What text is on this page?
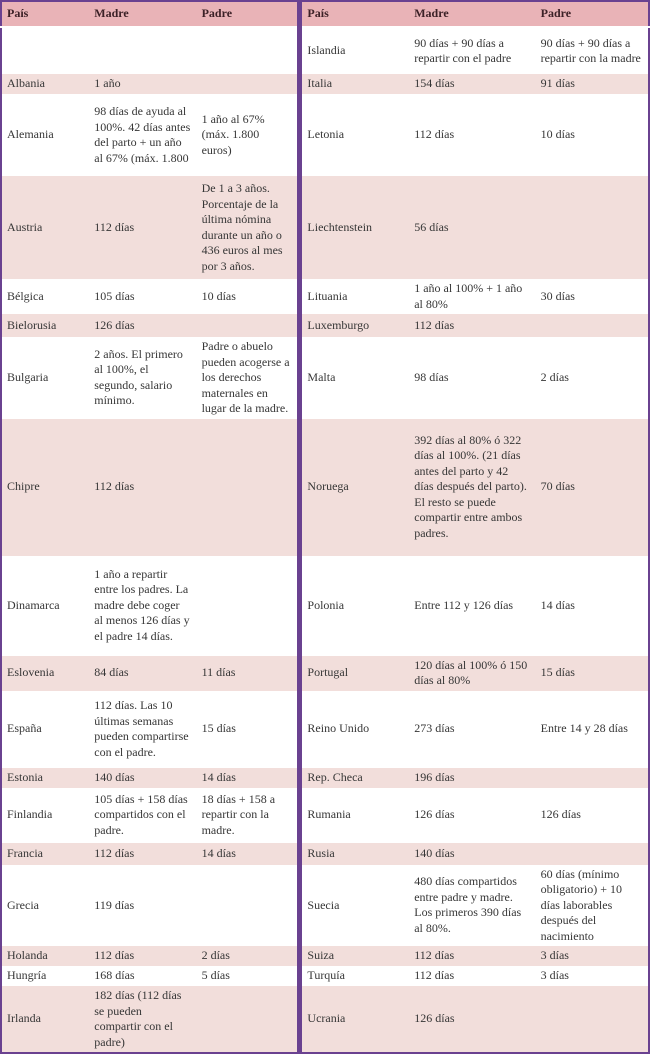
País	Madre	Padre	País	Madre	Padre
			Islandia	90 días + 90 días a repartir con el padre	90 días + 90 días a repartir con la madre
Albania	1 año		Italia	154 días	91 días
Alemania	98 días de ayuda al 100%. 42 días antes del parto + un año al 67% (máx. 1.800	1 año al 67% (máx. 1.800 euros)	Letonia	112 días	10 días
Austria	112 días	De 1 a 3 años. Porcentaje de la última nómina durante un año o 436 euros al mes por 3 años.	Liechtenstein	56 días	
Bélgica	105 días	10 días	Lituania	1 año al 100% + 1 año al 80%	30 días
Bielorusia	126 días		Luxemburgo	112 días	
Bulgaria	2 años. El primero al 100%, el segundo, salario mínimo.	Padre o abuelo pueden acogerse a los derechos maternales en lugar de la madre.	Malta	98 días	2 días
Chipre	112 días		Noruega	392 días al 80% ó 322 días al 100%. (21 días antes del parto y 42 días después del parto). El resto se puede compartir entre ambos padres.	70 días
Dinamarca	1 año a repartir entre los padres. La madre debe coger al menos 126 días y el padre 14 días.		Polonia	Entre 112 y 126 días	14 días
Eslovenia	84 días	11 días	Portugal	120 días al 100% ó 150 días al 80%	15 días
España	112 días. Las 10 últimas semanas pueden compartirse con el padre.	15 días	Reino Unido	273 días	Entre 14 y 28 días
Estonia	140 días	14 días	Rep. Checa	196 días	
Finlandia	105 días + 158 días compartidos con el padre.	18 días + 158 a repartir con la madre.	Rumania	126 días	126 días
Francia	112 días	14 días	Rusia	140 días	
Grecia	119 días		Suecia	480 días compartidos entre padre y madre. Los primeros 390 días al 80%.	60 días (mínimo obligatorio) + 10 días laborables después del nacimiento
Holanda	112 días	2 días	Suiza	112 días	3 días
Hungría	168 días	5 días	Turquía	112 días	3 días
Irlanda	182 días (112 días se pueden compartir con el padre)		Ucrania	126 días	
